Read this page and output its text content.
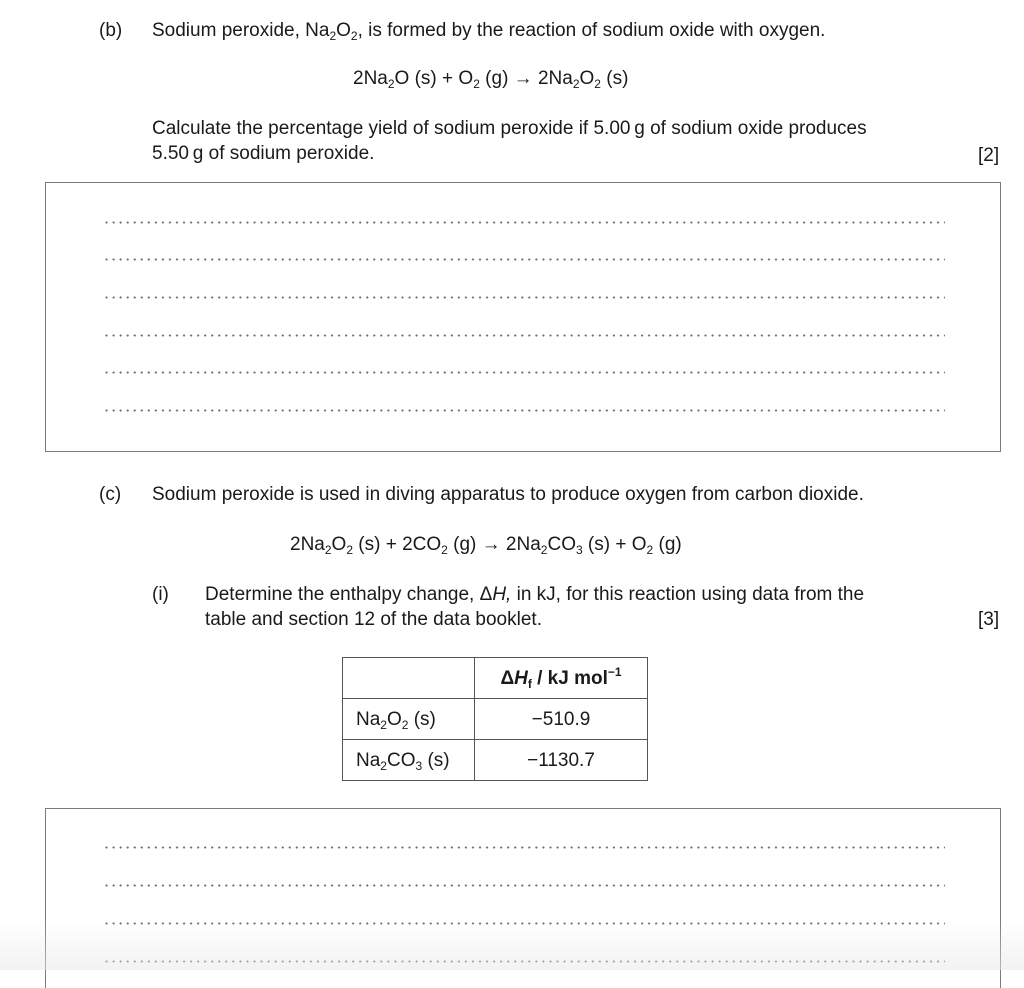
(b) Sodium peroxide, $Na_2O_2$, is formed by the reaction of sodium oxide with oxygen.
$2Na_2O$ $(s) + O_2$ $(g) \to 2Na_2O_2$ (s)
Calculate the percentage yield of sodium peroxide if 5.00 g of sodium oxide produces
5.50 g of sodium peroxide.	[2]
(c) Sodium peroxide is used in diving apparatus to produce oxygen from carbon dioxide.
$2Na_2O_2$ $(s) + 2CO_2$ $(g) \to 2Na_2CO_3$ $(s) + O_2$ (g)
(i) Determine the enthalpy change, ΔH, in kJ, for this reaction using data from the
table and section 12 of the data booklet.	[3]
	$\Delta H_f$ / kJ mol$^{-1}$
$Na_2O_2$ (s)	−510.9
$Na_2CO_3$ (s)	−1130.7
